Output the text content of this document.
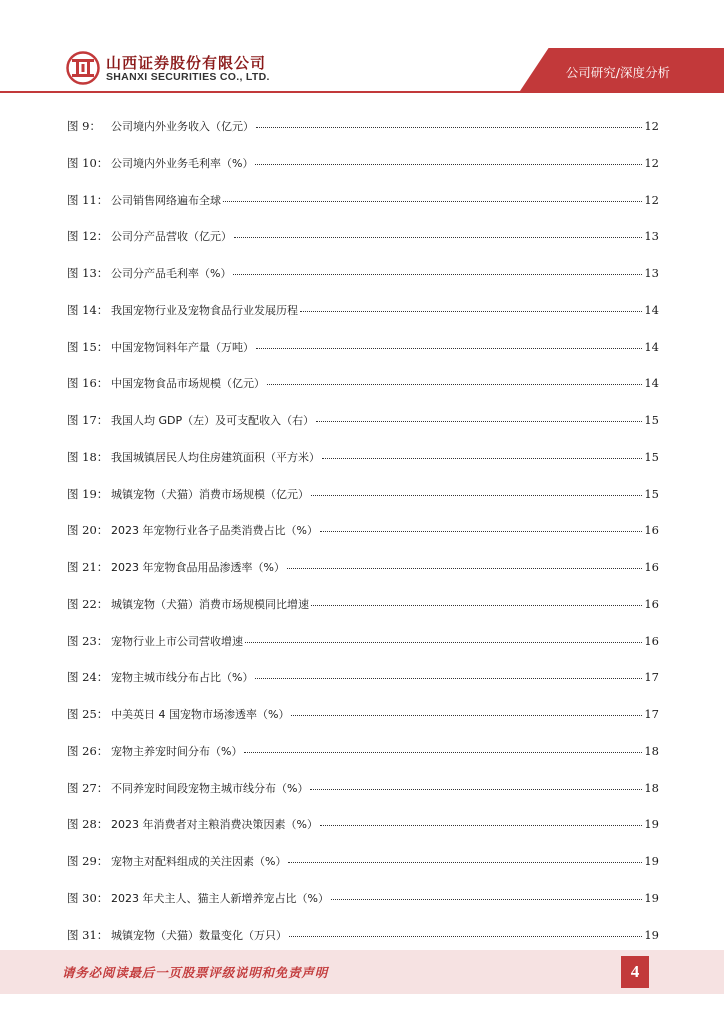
山西证券股份有限公司
SHANXI SECURITIES CO., LTD.	公司研究/深度分析
图 9： 公司境内外业务收入（亿元）	12
图 10： 公司境内外业务毛利率（%）	12
图 11： 公司销售网络遍布全球	12
图 12： 公司分产品营收（亿元）	13
图 13： 公司分产品毛利率（%）	13
图 14： 我国宠物行业及宠物食品行业发展历程	14
图 15： 中国宠物饲料年产量（万吨）	14
图 16： 中国宠物食品市场规模（亿元）	14
图 17： 我国人均 GDP（左）及可支配收入（右）	15
图 18： 我国城镇居民人均住房建筑面积（平方米）	15
图 19： 城镇宠物（犬猫）消费市场规模（亿元）	15
图 20： 2023 年宠物行业各子品类消费占比（%）	16
图 21： 2023 年宠物食品用品渗透率（%）	16
图 22： 城镇宠物（犬猫）消费市场规模同比增速	16
图 23： 宠物行业上市公司营收增速	16
图 24： 宠物主城市线分布占比（%）	17
图 25： 中美英日 4 国宠物市场渗透率（%）	17
图 26： 宠物主养宠时间分布（%）	18
图 27： 不同养宠时间段宠物主城市线分布（%）	18
图 28： 2023 年消费者对主粮消费决策因素（%）	19
图 29： 宠物主对配料组成的关注因素（%）	19
图 30： 2023 年犬主人、猫主人新增养宠占比（%）	19
图 31： 城镇宠物（犬猫）数量变化（万只）	19
请务必阅读最后一页股票评级说明和免责声明	4
